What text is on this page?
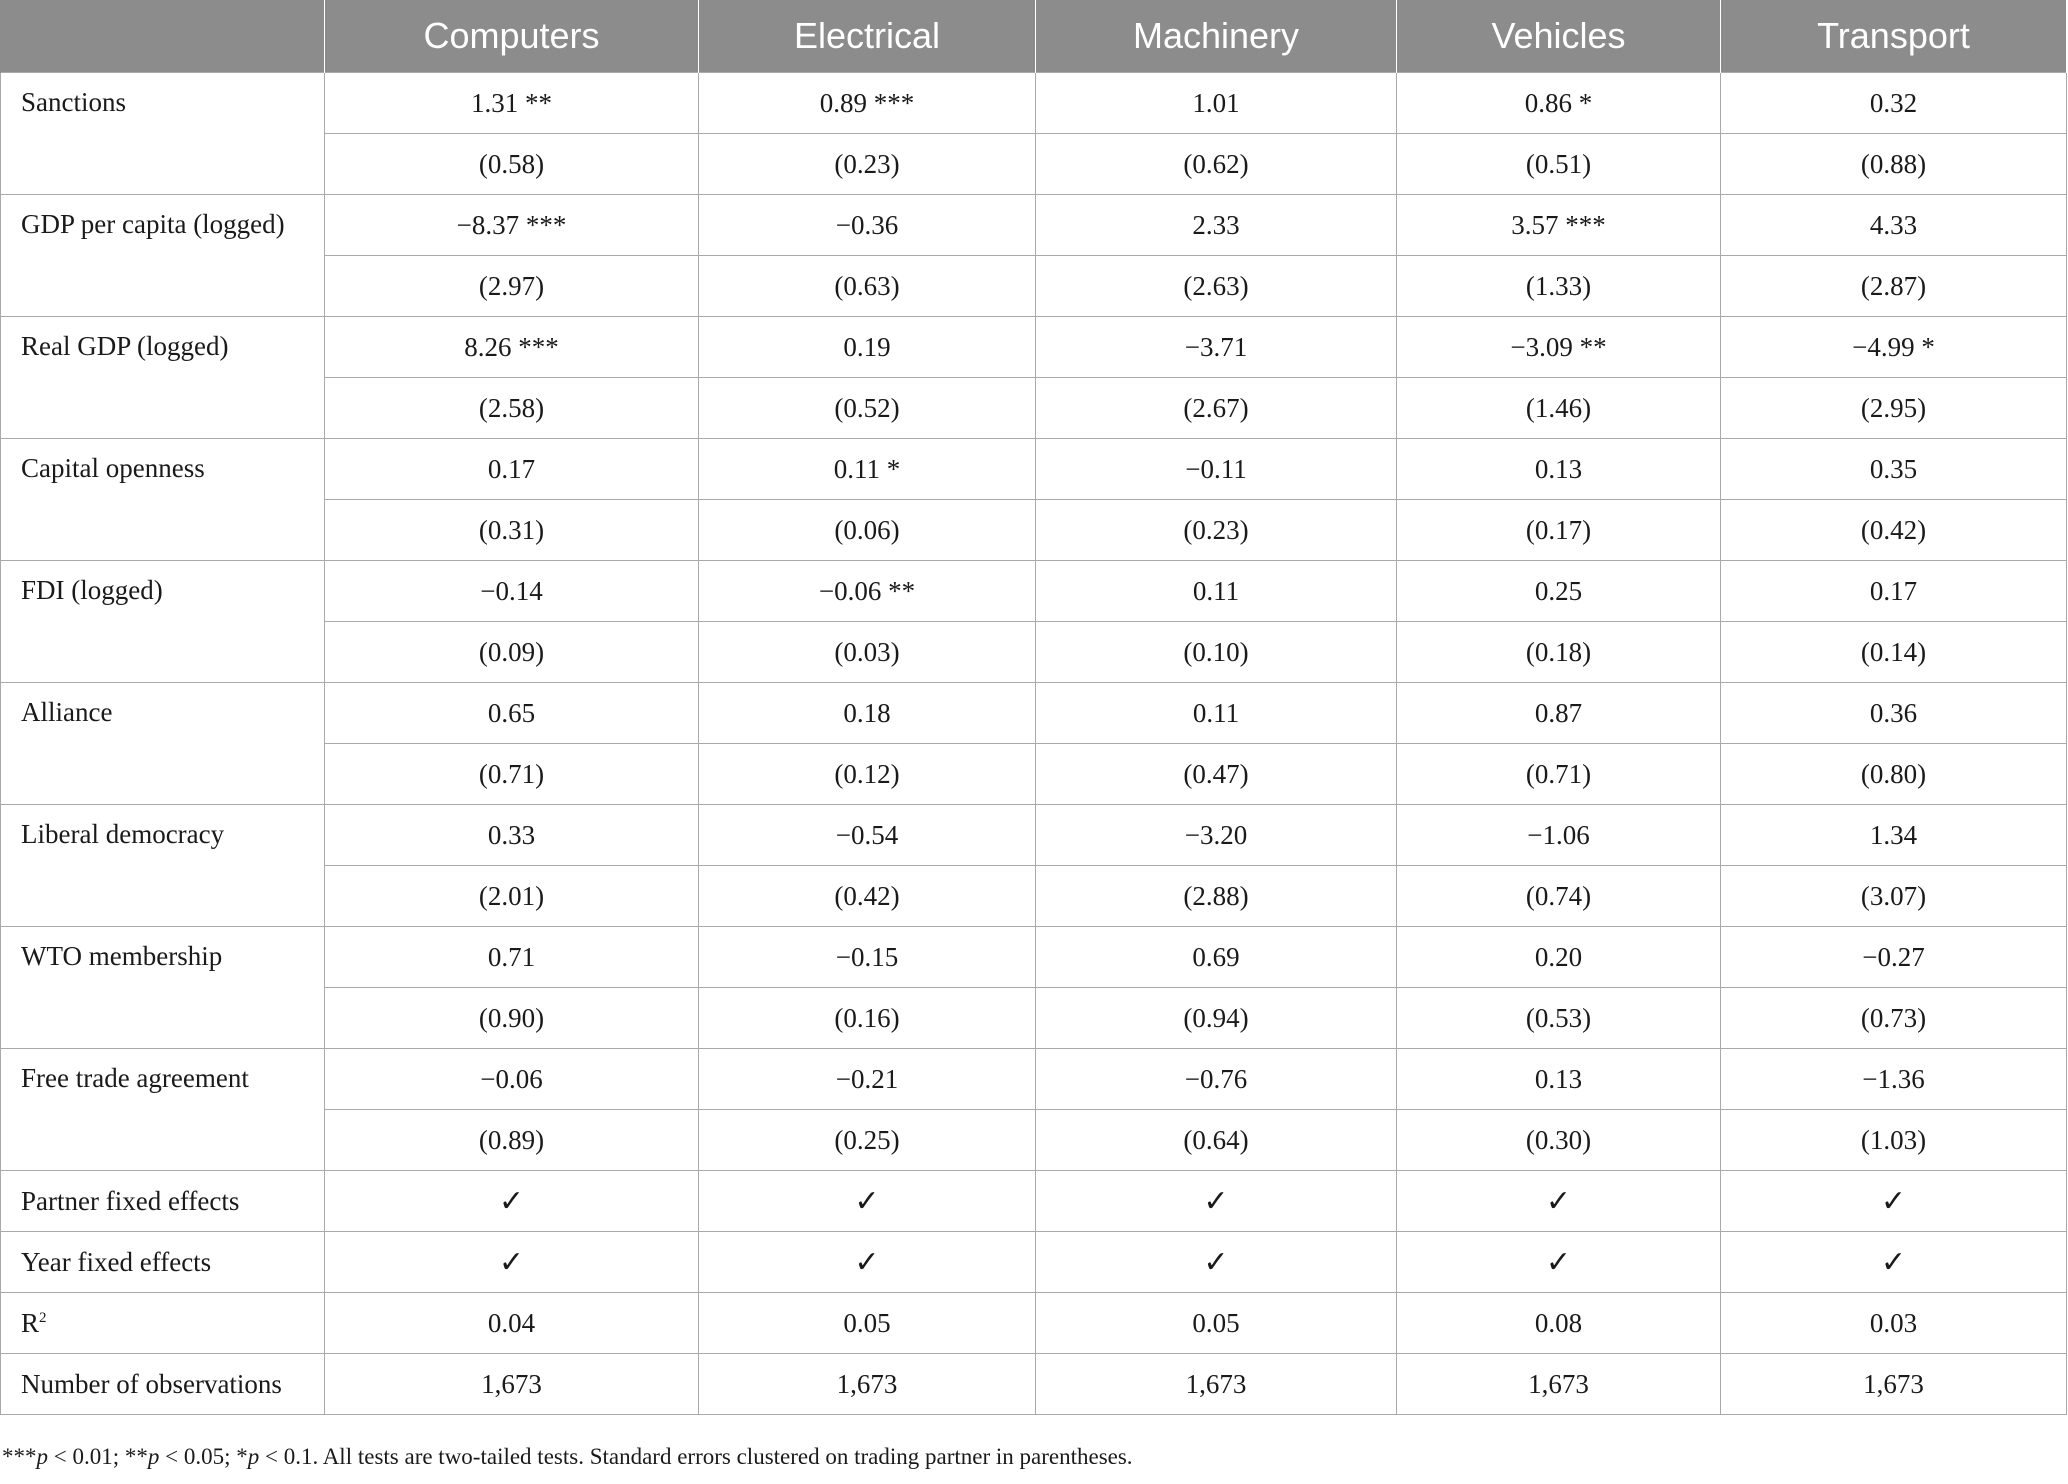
	Computers	Electrical	Machinery	Vehicles	Transport
Sanctions	1.31 **	0.89 ***	1.01	0.86 *	0.32
	(0.58)	(0.23)	(0.62)	(0.51)	(0.88)
GDP per capita (logged)	−8.37 ***	−0.36	2.33	3.57 ***	4.33
	(2.97)	(0.63)	(2.63)	(1.33)	(2.87)
Real GDP (logged)	8.26 ***	0.19	−3.71	−3.09 **	−4.99 *
	(2.58)	(0.52)	(2.67)	(1.46)	(2.95)
Capital openness	0.17	0.11 *	−0.11	0.13	0.35
	(0.31)	(0.06)	(0.23)	(0.17)	(0.42)
FDI (logged)	−0.14	−0.06 **	0.11	0.25	0.17
	(0.09)	(0.03)	(0.10)	(0.18)	(0.14)
Alliance	0.65	0.18	0.11	0.87	0.36
	(0.71)	(0.12)	(0.47)	(0.71)	(0.80)
Liberal democracy	0.33	−0.54	−3.20	−1.06	1.34
	(2.01)	(0.42)	(2.88)	(0.74)	(3.07)
WTO membership	0.71	−0.15	0.69	0.20	−0.27
	(0.90)	(0.16)	(0.94)	(0.53)	(0.73)
Free trade agreement	−0.06	−0.21	−0.76	0.13	−1.36
	(0.89)	(0.25)	(0.64)	(0.30)	(1.03)
Partner fixed effects	✓	✓	✓	✓	✓
Year fixed effects	✓	✓	✓	✓	✓
$R^2$	0.04	0.05	0.05	0.08	0.03
Number of observations	1,673	1,673	1,673	1,673	1,673
***p < 0.01; **p < 0.05; *p < 0.1. All tests are two-tailed tests. Standard errors clustered on trading partner in parentheses.
